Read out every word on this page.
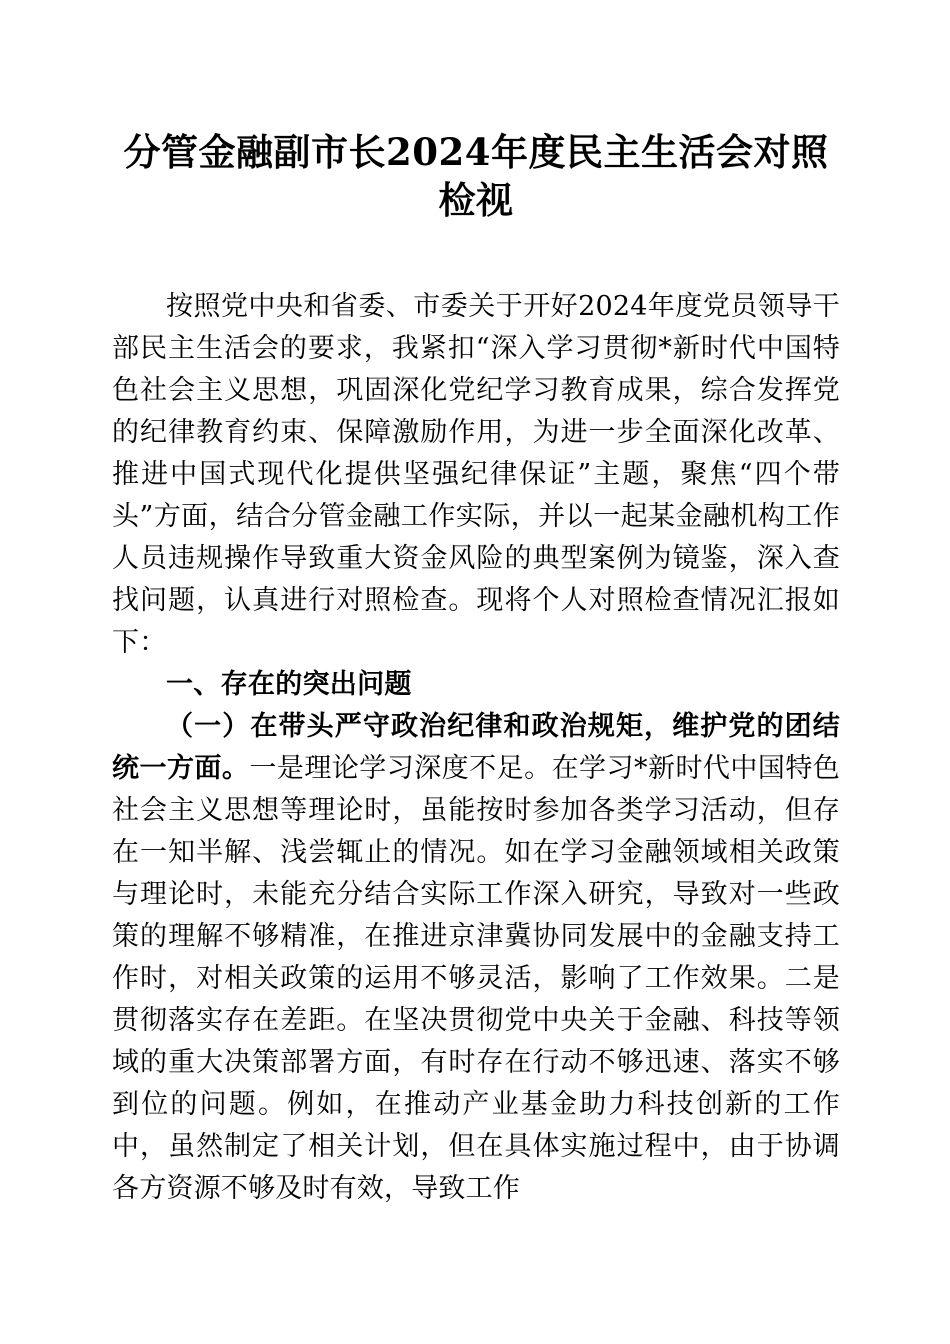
分管金融副市长2024年度民主生活会对照检视

按照党中央和省委、市委关于开好2024年度党员领导干部民主生活会的要求，我紧扣“深入学习贯彻*新时代中国特色社会主义思想，巩固深化党纪学习教育成果，综合发挥党的纪律教育约束、保障激励作用，为进一步全面深化改革、推进中国式现代化提供坚强纪律保证”主题，聚焦“四个带头”方面，结合分管金融工作实际，并以一起某金融机构工作人员违规操作导致重大资金风险的典型案例为镜鉴，深入查找问题，认真进行对照检查。现将个人对照检查情况汇报如下：

一、存在的突出问题

（一）在带头严守政治纪律和政治规矩，维护党的团结统一方面。一是理论学习深度不足。在学习*新时代中国特色社会主义思想等理论时，虽能按时参加各类学习活动，但存在一知半解、浅尝辄止的情况。如在学习金融领域相关政策与理论时，未能充分结合实际工作深入研究，导致对一些政策的理解不够精准，在推进京津冀协同发展中的金融支持工作时，对相关政策的运用不够灵活，影响了工作效果。二是贯彻落实存在差距。在坚决贯彻党中央关于金融、科技等领域的重大决策部署方面，有时存在行动不够迅速、落实不够到位的问题。例如，在推动产业基金助力科技创新的工作中，虽然制定了相关计划，但在具体实施过程中，由于协调各方资源不够及时有效，导致工作
